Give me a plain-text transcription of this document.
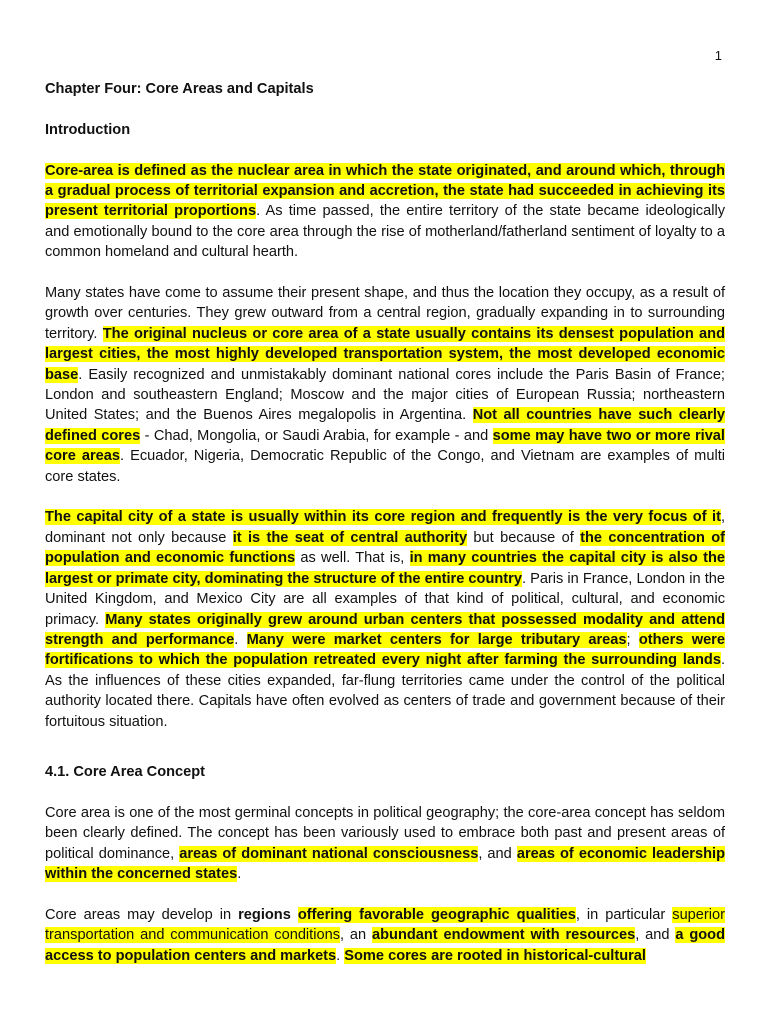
1

Chapter Four: Core Areas and Capitals

Introduction

Core-area is defined as the nuclear area in which the state originated, and around which, through a gradual process of territorial expansion and accretion, the state had succeeded in achieving its present territorial proportions. As time passed, the entire territory of the state became ideologically and emotionally bound to the core area through the rise of motherland/fatherland sentiment of loyalty to a common homeland and cultural hearth.

Many states have come to assume their present shape, and thus the location they occupy, as a result of growth over centuries. They grew outward from a central region, gradually expanding in to surrounding territory. The original nucleus or core area of a state usually contains its densest population and largest cities, the most highly developed transportation system, the most developed economic base. Easily recognized and unmistakably dominant national cores include the Paris Basin of France; London and southeastern England; Moscow and the major cities of European Russia; northeastern United States; and the Buenos Aires megalopolis in Argentina. Not all countries have such clearly defined cores - Chad, Mongolia, or Saudi Arabia, for example - and some may have two or more rival core areas. Ecuador, Nigeria, Democratic Republic of the Congo, and Vietnam are examples of multi core states.

The capital city of a state is usually within its core region and frequently is the very focus of it, dominant not only because it is the seat of central authority but because of the concentration of population and economic functions as well. That is, in many countries the capital city is also the largest or primate city, dominating the structure of the entire country. Paris in France, London in the United Kingdom, and Mexico City are all examples of that kind of political, cultural, and economic primacy. Many states originally grew around urban centers that possessed modality and attend strength and performance. Many were market centers for large tributary areas; others were fortifications to which the population retreated every night after farming the surrounding lands. As the influences of these cities expanded, far-flung territories came under the control of the political authority located there. Capitals have often evolved as centers of trade and government because of their fortuitous situation.

4.1. Core Area Concept

Core area is one of the most germinal concepts in political geography; the core-area concept has seldom been clearly defined. The concept has been variously used to embrace both past and present areas of political dominance, areas of dominant national consciousness, and areas of economic leadership within the concerned states.

Core areas may develop in regions offering favorable geographic qualities, in particular superior transportation and communication conditions, an abundant endowment with resources, and a good access to population centers and markets. Some cores are rooted in historical-cultural
